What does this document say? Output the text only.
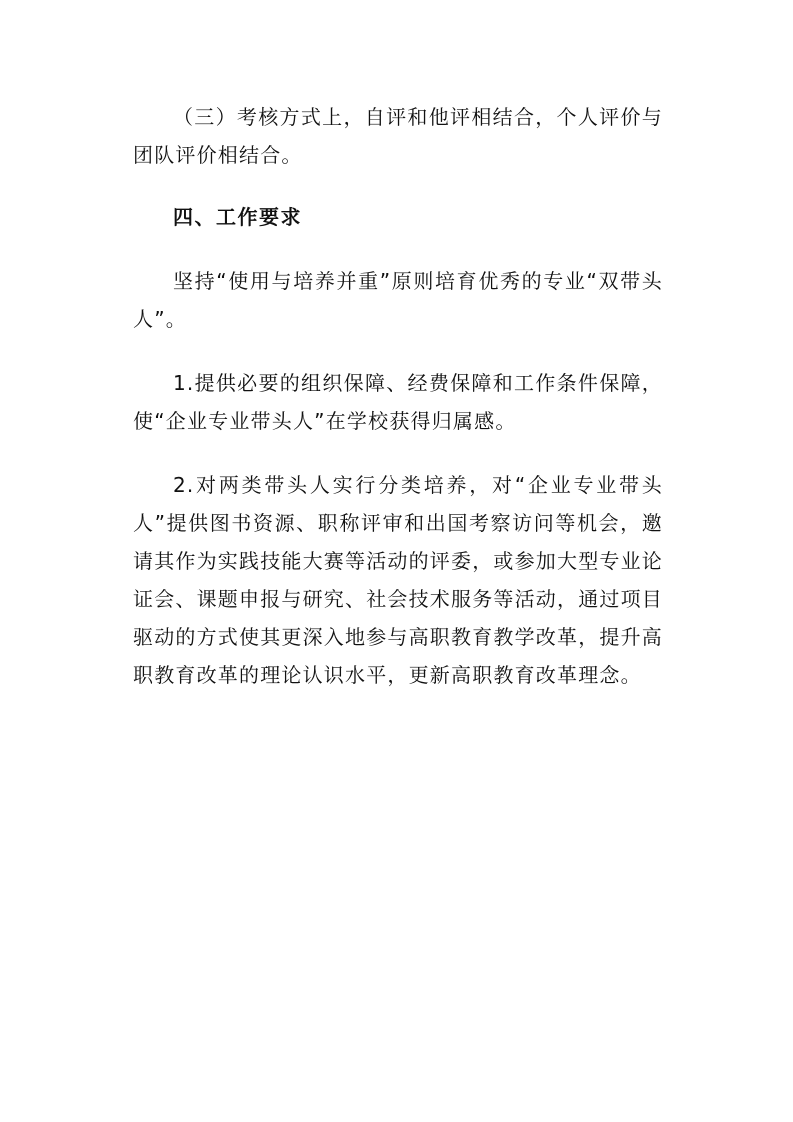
（三）考核方式上，自评和他评相结合，个人评价与团队评价相结合。

四、工作要求

坚持“使用与培养并重”原则培育优秀的专业“双带头人”。

1.提供必要的组织保障、经费保障和工作条件保障，使“企业专业带头人”在学校获得归属感。

2.对两类带头人实行分类培养，对“企业专业带头人”提供图书资源、职称评审和出国考察访问等机会，邀请其作为实践技能大赛等活动的评委，或参加大型专业论证会、课题申报与研究、社会技术服务等活动，通过项目驱动的方式使其更深入地参与高职教育教学改革，提升高职教育改革的理论认识水平，更新高职教育改革理念。
